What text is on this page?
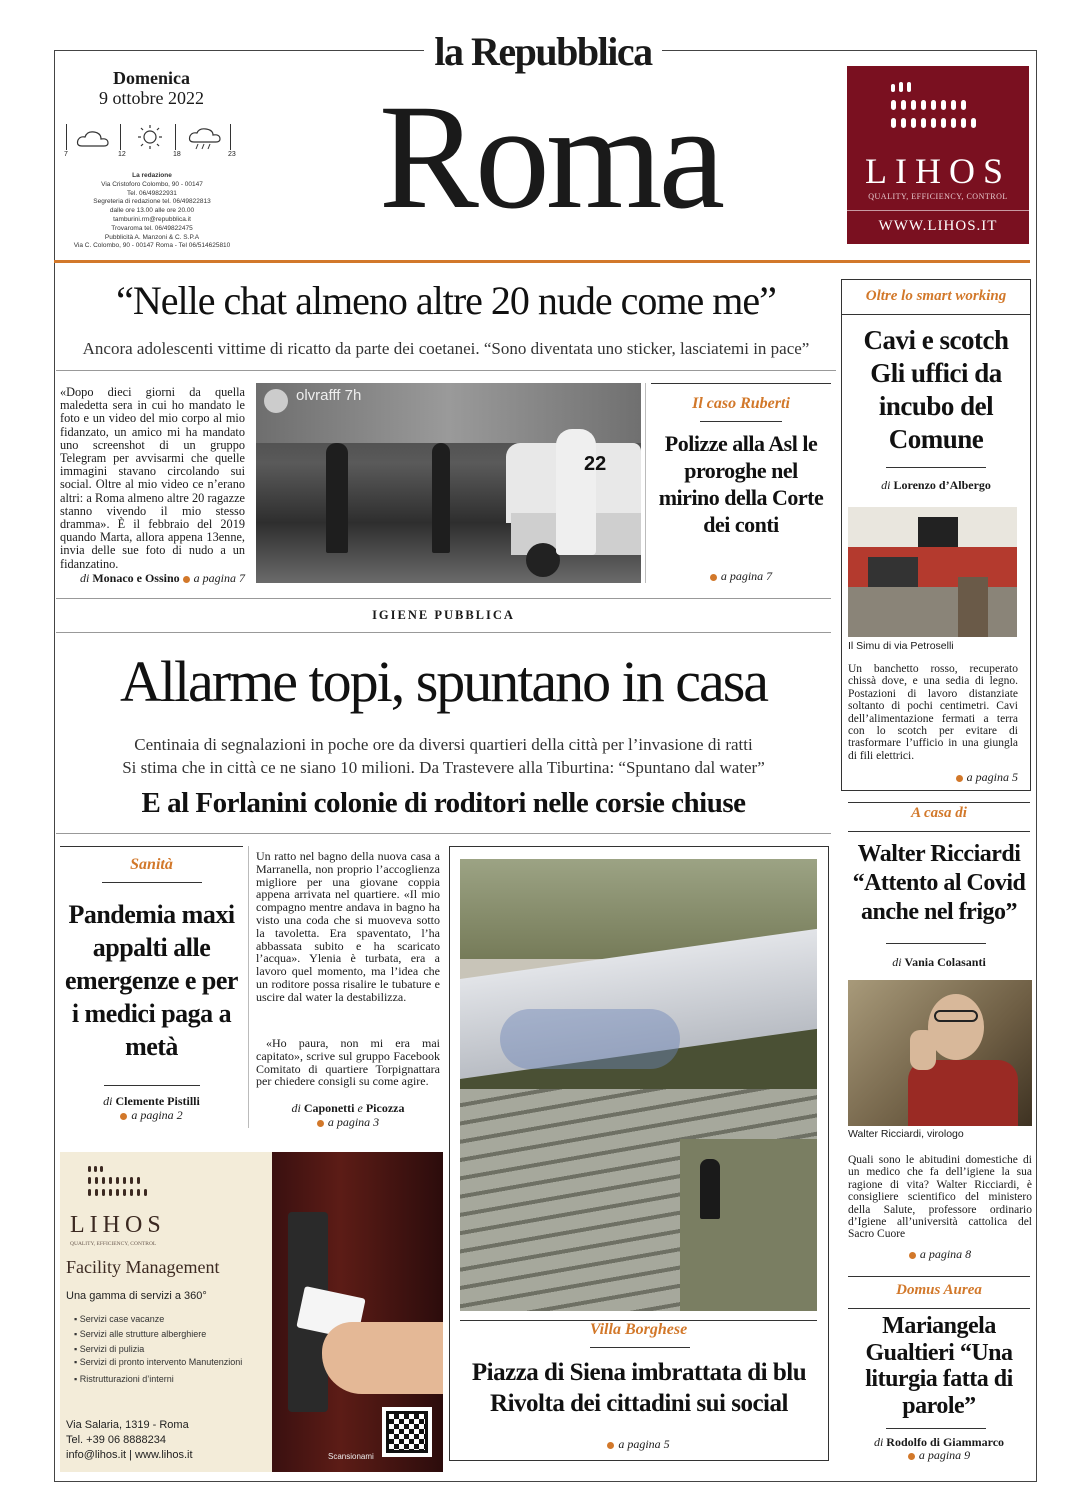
la Repubblica
Roma
Domenica
9 ottobre 2022
7	12	18	23
La redazione
Via Cristoforo Colombo, 90 - 00147
Tel. 06/49822931
Segreteria di redazione tel. 06/49822813
dalle ore 13.00 alle ore 20.00
tamburini.rm@repubblica.it
Trovaroma tel. 06/49822475
Pubblicità A. Manzoni & C. S.P.A
Via C. Colombo, 90 - 00147 Roma - Tel 06/514625810
LIHOS
QUALITY, EFFICIENCY, CONTROL
WWW.LIHOS.IT
“Nelle chat almeno altre 20 nude come me”
Ancora adolescenti vittime di ricatto da parte dei coetanei. “Sono diventata uno sticker, lasciatemi in pace”
«Dopo dieci giorni da quella maledetta sera in cui ho mandato le foto e un video del mio corpo al mio fidanzato, un amico mi ha mandato uno screenshot di un gruppo Telegram per avvisarmi che quelle immagini stavano circolando sui social. Oltre al mio video ce n’erano altri: a Roma almeno altre 20 ragazze stanno vivendo il mio stesso dramma». È il febbraio del 2019 quando Marta, allora appena 13enne, invia delle sue foto di nudo a un fidanzatino.
di Monaco e Ossino a pagina 7
olvrafff 7h
22
Il caso Ruberti
Polizze alla Asl le proroghe nel mirino della Corte dei conti
a pagina 7
Oltre lo smart working
Cavi e scotch Gli uffici da incubo del Comune
di Lorenzo d’Albergo
Il Simu di via Petroselli
Un banchetto rosso, recuperato chissà dove, e una sedia di legno. Postazioni di lavoro distanziate soltanto di pochi centimetri. Cavi dell’alimentazione fermati a terra con lo scotch per evitare di trasformare l’ufficio in una giungla di fili elettrici.
a pagina 5
A casa di
Walter Ricciardi “Attento al Covid anche nel frigo”
di Vania Colasanti
Walter Ricciardi, virologo
Quali sono le abitudini domestiche di un medico che fa dell’igiene la sua ragione di vita? Walter Ricciardi, è consigliere scientifico del ministero della Salute, professore ordinario d’Igiene all’università cattolica del Sacro Cuore
a pagina 8
Domus Aurea
Mariangela Gualtieri “Una liturgia fatta di parole”
di Rodolfo di Giammarco
a pagina 9
IGIENE PUBBLICA
Allarme topi, spuntano in casa
Centinaia di segnalazioni in poche ore da diversi quartieri della città per l’invasione di ratti
Si stima che in città ce ne siano 10 milioni. Da Trastevere alla Tiburtina: “Spuntano dal water”
E al Forlanini colonie di roditori nelle corsie chiuse
Sanità
Pandemia maxi appalti alle emergenze e per i medici paga a metà
di Clemente Pistilli
a pagina 2
Un ratto nel bagno della nuova casa a Marranella, non proprio l’accoglienza migliore per una giovane coppia appena arrivata nel quartiere. «Il mio compagno mentre andava in bagno ha visto una coda che si muoveva sotto la tavoletta. Era spaventato, l’ha abbassata subito e ha scaricato l’acqua». Ylenia è turbata, era a lavoro quel momento, ma l’idea che un roditore possa risalire le tubature e uscire dal water la destabilizza.
«Ho paura, non mi era mai capitato», scrive sul gruppo Facebook Comitato di quartiere Torpignattara per chiedere consigli su come agire.
di Caponetti e Picozza
a pagina 3
Villa Borghese
Piazza di Siena imbrattata di blu Rivolta dei cittadini sui social
a pagina 5
LIHOS
QUALITY, EFFICIENCY, CONTROL
Facility Management
Una gamma di servizi a 360°
▪ Servizi case vacanze
▪ Servizi alle strutture alberghiere
▪ Servizi di pulizia
▪ Servizi di pronto intervento Manutenzioni
▪ Ristrutturazioni d’interni
Via Salaria, 1319 - Roma
Tel. +39 06 8888234
info@lihos.it | www.lihos.it	Scansionami
